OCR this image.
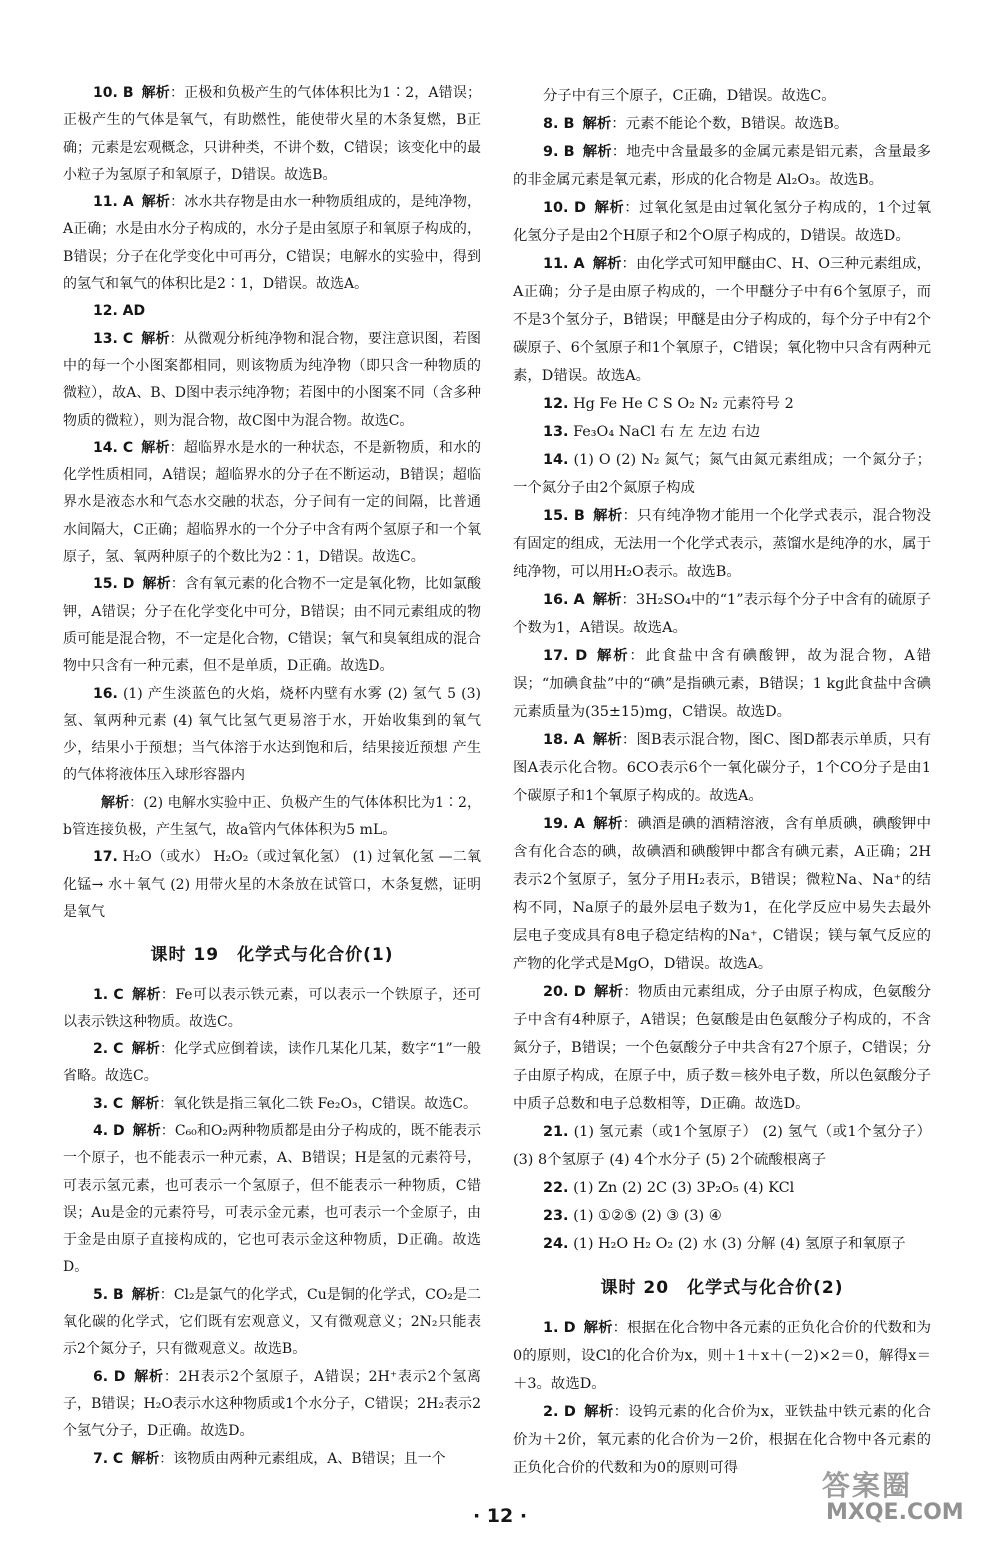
10. B 解析：正极和负极产生的气体体积比为1∶2，A错误；正极产生的气体是氧气，有助燃性，能使带火星的木条复燃，B正确；元素是宏观概念，只讲种类，不讲个数，C错误；该变化中的最小粒子为氢原子和氧原子，D错误。故选B。

11. A 解析：冰水共存物是由水一种物质组成的，是纯净物，A正确；水是由水分子构成的，水分子是由氢原子和氧原子构成的，B错误；分子在化学变化中可再分，C错误；电解水的实验中，得到的氢气和氧气的体积比是2∶1，D错误。故选A。

12. AD

13. C 解析：从微观分析纯净物和混合物，要注意识图，若图中的每一个小图案都相同，则该物质为纯净物（即只含一种物质的微粒），故A、B、D图中表示纯净物；若图中的小图案不同（含多种物质的微粒），则为混合物，故C图中为混合物。故选C。

14. C 解析：超临界水是水的一种状态，不是新物质，和水的化学性质相同，A错误；超临界水的分子在不断运动，B错误；超临界水是液态水和气态水交融的状态，分子间有一定的间隔，比普通水间隔大，C正确；超临界水的一个分子中含有两个氢原子和一个氧原子，氢、氧两种原子的个数比为2∶1，D错误。故选C。

15. D 解析：含有氧元素的化合物不一定是氧化物，比如氯酸钾，A错误；分子在化学变化中可分，B错误；由不同元素组成的物质可能是混合物，不一定是化合物，C错误；氧气和臭氧组成的混合物中只含有一种元素，但不是单质，D正确。故选D。

16. (1) 产生淡蓝色的火焰，烧杯内壁有水雾 (2) 氢气 5 (3) 氢、氧两种元素 (4) 氧气比氢气更易溶于水，开始收集到的氧气少，结果小于预想；当气体溶于水达到饱和后，结果接近预想 产生的气体将液体压入球形容器内

解析：(2) 电解水实验中正、负极产生的气体体积比为1∶2，b管连接负极，产生氢气，故a管内气体体积为5 mL。

17. H₂O（或水） H₂O₂（或过氧化氢） (1) 过氧化氢 —二氧化锰→ 水＋氧气 (2) 用带火星的木条放在试管口，木条复燃，证明是氧气

课时 19　化学式与化合价(1)

1. C 解析：Fe可以表示铁元素，可以表示一个铁原子，还可以表示铁这种物质。故选C。

2. C 解析：化学式应倒着读，读作几某化几某，数字“1”一般省略。故选C。

3. C 解析：氧化铁是指三氧化二铁 Fe₂O₃，C错误。故选C。

4. D 解析：C₆₀和O₂两种物质都是由分子构成的，既不能表示一个原子，也不能表示一种元素，A、B错误；H是氢的元素符号，可表示氢元素，也可表示一个氢原子，但不能表示一种物质，C错误；Au是金的元素符号，可表示金元素，也可表示一个金原子，由于金是由原子直接构成的，它也可表示金这种物质，D正确。故选D。

5. B 解析：Cl₂是氯气的化学式，Cu是铜的化学式，CO₂是二氧化碳的化学式，它们既有宏观意义，又有微观意义；2N₂只能表示2个氮分子，只有微观意义。故选B。

6. D 解析：2H表示2个氢原子，A错误；2H⁺表示2个氢离子，B错误；H₂O表示水这种物质或1个水分子，C错误；2H₂表示2个氢气分子，D正确。故选D。

7. C 解析：该物质由两种元素组成，A、B错误；且一个

分子中有三个原子，C正确，D错误。故选C。

8. B 解析：元素不能论个数，B错误。故选B。

9. B 解析：地壳中含量最多的金属元素是铝元素，含量最多的非金属元素是氧元素，形成的化合物是 Al₂O₃。故选B。

10. D 解析：过氧化氢是由过氧化氢分子构成的，1个过氧化氢分子是由2个H原子和2个O原子构成的，D错误。故选D。

11. A 解析：由化学式可知甲醚由C、H、O三种元素组成，A正确；分子是由原子构成的，一个甲醚分子中有6个氢原子，而不是3个氢分子，B错误；甲醚是由分子构成的，每个分子中有2个碳原子、6个氢原子和1个氧原子，C错误；氧化物中只含有两种元素，D错误。故选A。

12. Hg Fe He C S O₂ N₂ 元素符号 2

13. Fe₃O₄ NaCl 右 左 左边 右边

14. (1) O (2) N₂ 氮气；氮气由氮元素组成；一个氮分子；一个氮分子由2个氮原子构成

15. B 解析：只有纯净物才能用一个化学式表示，混合物没有固定的组成，无法用一个化学式表示，蒸馏水是纯净的水，属于纯净物，可以用H₂O表示。故选B。

16. A 解析：3H₂SO₄中的“1”表示每个分子中含有的硫原子个数为1，A错误。故选A。

17. D 解析：此食盐中含有碘酸钾，故为混合物，A错误；“加碘食盐”中的“碘”是指碘元素，B错误；1 kg此食盐中含碘元素质量为(35±15)mg，C错误。故选D。

18. A 解析：图B表示混合物，图C、图D都表示单质，只有图A表示化合物。6CO表示6个一氧化碳分子，1个CO分子是由1个碳原子和1个氧原子构成的。故选A。

19. A 解析：碘酒是碘的酒精溶液，含有单质碘，碘酸钾中含有化合态的碘，故碘酒和碘酸钾中都含有碘元素，A正确；2H表示2个氢原子，氢分子用H₂表示，B错误；微粒Na、Na⁺的结构不同，Na原子的最外层电子数为1，在化学反应中易失去最外层电子变成具有8电子稳定结构的Na⁺，C错误；镁与氧气反应的产物的化学式是MgO，D错误。故选A。

20. D 解析：物质由元素组成，分子由原子构成，色氨酸分子中含有4种原子，A错误；色氨酸是由色氨酸分子构成的，不含氮分子，B错误；一个色氨酸分子中共含有27个原子，C错误；分子由原子构成，在原子中，质子数＝核外电子数，所以色氨酸分子中质子总数和电子总数相等，D正确。故选D。

21. (1) 氢元素（或1个氢原子） (2) 氢气（或1个氢分子） (3) 8个氢原子 (4) 4个水分子 (5) 2个硫酸根离子

22. (1) Zn (2) 2C (3) 3P₂O₅ (4) KCl

23. (1) ①②⑤ (2) ③ (3) ④

24. (1) H₂O H₂ O₂ (2) 水 (3) 分解 (4) 氢原子和氧原子

课时 20　化学式与化合价(2)

1. D 解析：根据在化合物中各元素的正负化合价的代数和为0的原则，设Cl的化合价为x，则＋1＋x＋(－2)×2＝0，解得x＝＋3。故选D。

2. D 解析：设钨元素的化合价为x，亚铁盐中铁元素的化合价为＋2价，氧元素的化合价为－2价，根据在化合物中各元素的正负化合价的代数和为0的原则可得

· 12 ·
答案圈
MXQE.COM
